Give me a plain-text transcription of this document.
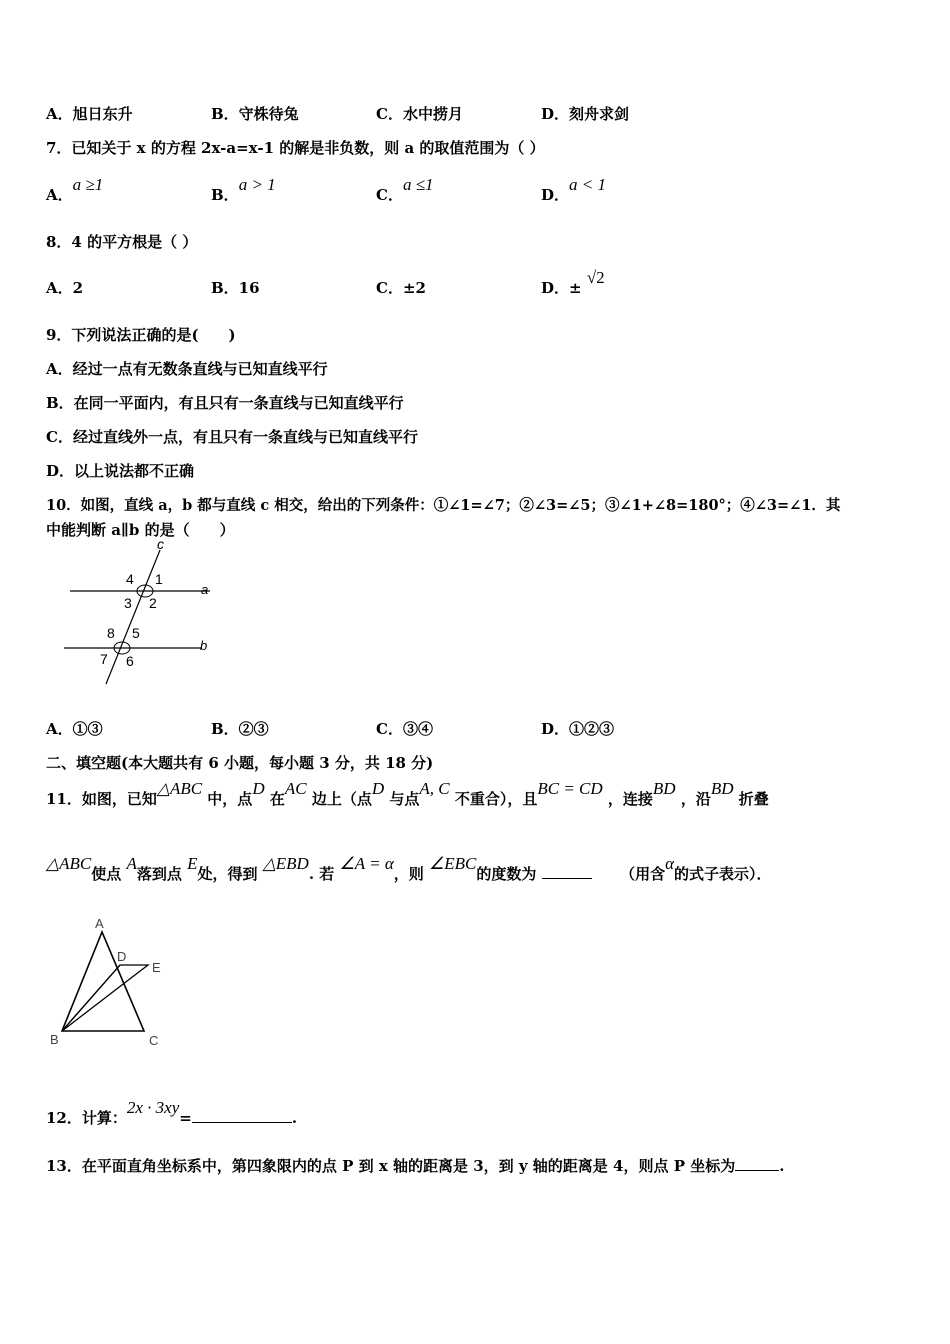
A．旭日东升	B．守株待兔	C．水中捞月	D．刻舟求剑
7．已知关于 x 的方程 2x-a=x-1 的解是非负数，则 a 的取值范围为（ ）
A．a ≥1
B．a > 1
C．a ≤1
D．a < 1
8．4 的平方根是（ ）
A．2	B．16	C．±2	D．± √2
9．下列说法正确的是(　　)
A．经过一点有无数条直线与已知直线平行
B．在同一平面内，有且只有一条直线与已知直线平行
C．经过直线外一点，有且只有一条直线与已知直线平行
D．以上说法都不正确
10．如图，直线 a，b 都与直线 c 相交，给出的下列条件：①∠1=∠7；②∠3=∠5；③∠1+∠8=180°；④∠3=∠1．其
中能判断 a∥b 的是（　　）
c
a
b
1
2
3
4
5
6
7
8
A．①③	B．②③	C．③④	D．①②③
二、填空题(本大题共有 6 小题，每小题 3 分，共 18 分)
11．如图，已知△ABC 中，点D 在AC 边上（点D 与点A, C 不重合），且BC = CD ，连接BD ，沿BD 折叠
△ABC使点 A落到点 E处，得到 △EBD. 若 ∠A = α，则 ∠EBC的度数为	（用含α的式子表示）．
A
B	C
D
E
12．计算：2x · 3xy=	.
13．在平面直角坐标系中，第四象限内的点 P 到 x 轴的距离是 3，到 y 轴的距离是 4，则点 P 坐标为	.
